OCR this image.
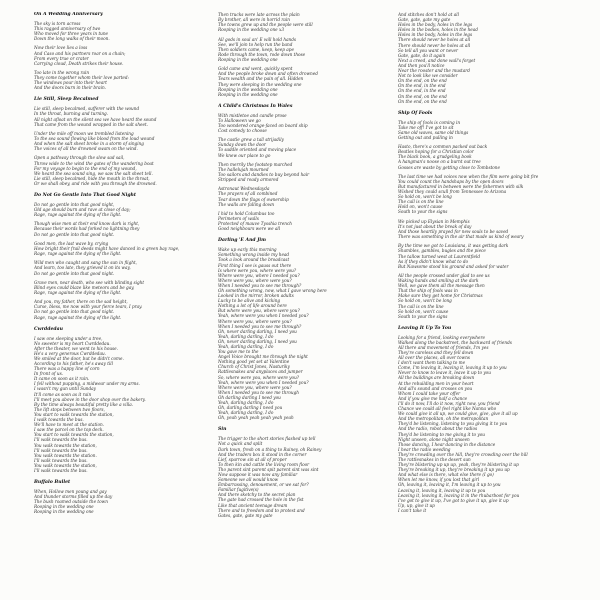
On A Wedding Anniversary
The sky is torn across
This ragged anniversary of two
Who moved for three years in tune
Down the long walks of their moon.
Now their love lies a loss
And Caso and his partners roar on a chain;
From every true or crater
Carrying cloud, Death strikes their house.
Too late in the wrong rain
They come together whom their love parted:
The windows pour into their heart
And the doors burn in their brain.
Lie Still, Sleep Becalmed
Lie still, sleep becalmed, sufferer with the wound
In the throat, burning and turning.
All night afloat on the silent sea we have heard the sound
That came from the wound wrapped in the salt sheet.
Under the mile off moon we trembled listening
To the sea sound flowing like blood from the loud wound
And when the salt sheet broke in a storm of singing
The voices of all the drowned swam on the wind.
Open a pathway through the slow sad sail,
Throw wide to the wind the gates of the wandering boat
For my voyage to begin to the end of my wound,
We heard the sea sound sing, we saw the salt sheet tell.
Lie still, sleep becalmed, hide the mouth in the throat,
Or we shall obey, and ride with you through the drowned.
Do Not Go Gentle Into That Good Night
Do not go gentle into that good night,
Old age should burn and rave at close of day;
Rage, rage against the dying of the light.
Though wise men at their end know dark is right,
Because their words had forked no lightning they
Do not go gentle into that good night.
Good men, the last wave by, crying
How bright their frail deeds might have danced in a green bay rage,
Rage, rage against the dying of the light.
Wild men who caught and sang the sun in flight,
And learn, too late, they grieved it on its way,
Do not go gentle into that good night.
Grave men, near death, who see with blinding sight
Blind eyes could blaze like meteors and be gay,
Rage, rage against the dying of the light.
And you, my father, there on the sad height,
Curse, bless, me now with your fierce tears, I pray.
Do not go gentle into that good night.
Rage, rage against the dying of the light.
Cwrddedau
I saw one sleeping under a tree,
No sweeter is my heart Cwrddedau.
After the theater, we went to his house.
He's a very generous Cwrddedau.
We smiled at the door, but he didn't come.
According to his father, he's away till
There was a happy line of corn
In front of us.
It came on soon as it rain.
I fell without pupping, a midwear under my arms.
I wasn't my gun until Sunday
It'll come as soon as it rain
I'll meet you above in the door shop over the bakery.
By the time always beautiful pretty like a villa.
The lift stops between two floors,
You start to walk towards the station,
I walk towards the bus.
We'll have to meet at the station.
I saw the parcel on the top deck.
You start to walk towards the station,
I'll walk towards the bus.
You walk towards the station,
I'll walk towards the bus.
You walk towards the station.
I'll walk towards the bus.
You walk towards the station,
I'll walk towards the bus.
Buffalo Bullet
When, Hollow men young and gay
And thunder storms filled up the day
The bush roamed outside the town
Rooping in the wedding one
Rooping in the wedding one
Then trucks were late across the plain
By brother, all were in horrid rain
The towns grew up and the people were still
Rooping in the wedding one x3
All gods in soul an' E will hold hands
See, we'll join to help run the band
Then soldiers came, keep, keep ape
Rode through the town, rode down those
Rooping in the wedding one
Gold came and went, quickly spent
And the people broke down and often drowned
Tears wealth and the pain of all. Hidden
They were sleeping in the wedding one
Rooping in the wedding one
Rooping in the wedding one
A Child's Christmas In Wales
With mistletoe and candle prose
To Halloween we go
Too wondered orange-faced on board ship
Cost comedy to choose
The castle grew a tall strijadily
Sunday down the door
To saddle oriented and moving place
We knew our place to go
Then merrily the footstep marched
The hallelujah mourned
Too sailors and dandies to buy beyond hair
Stripped and ready armored
Astronaut Wednesdayda
The prayers of all combined
Tear down the flags of ownership
The walls are falling down
I hid to hold Columbus too
Perimeters of walls
Protected of mauve Tysshia trench
Good neighbours were we all
Darling 'E And Jim
Wake up early this morning
Something wrong inside my head
Took a look around the broadcast
First thing I see is gauss out there
Is where were you, where were you?
Where were you, where I needed you?
Where were you, where were you?
When I needed you to see me through?
Oh something wrong, now, what I gave wrong here
Looked in the mirror, broken adults
Lucky to be alive and kicking
Nothing a lot of life around here
But where were you, where were you?
Yeah, where were you when I needed you?
Where were you, where were you?
When I needed you to see me through?
Oh, never darling darling, I need you
Yeah, darling darling, I do
Oh, never darling darling, I need you
Yeah, darling darling, I do
You gave me to the
Angel Voice brought me through the night
Nothing good yet set at Valentine
Church of Christ Jones, Nasturiky
Rattlesnakes and anyplaces and jumper
So, where were you, where were you?
Yeah, where were you when I needed you?
Where were you, where were you?
When I needed you to see me through
Oh darling darling I need you
Yeah, darling darling, I do
Oh, darling darling I need you
Yeah, darling darling, I do
Oh, yeah yeah yeah yeah yeah yeah
Sin
The trigger to the short stories flashed up tell
Not a quick and split
Dark town, fresh on a thing to Rainey, oh Rainey
And the traders box it stood in the corner
Lief, sparrow sin at all of proper
To then kin and cattle the living room floor
Tho parent sint parent spit parent sint was sint
Now suppose it was now any familiar
Someone we all would know
Embarrassing, denouement, or we sat for?
Familiar fugitive(s)
And there sketchy to the secret plan
The gate had crossed the hole in the fist
Like that ancient teenage dream
There and to freedom and to protest and
Gates, gate, gate my gate
And stitches don't hold at all
Gate, gate, gate my gate
Holes in the body, holes in the legs
Holes in the bodies, holes in the head
Holes in the body, holes in the legs
There should never be holes at all
There should never be holes at all
So tell all you want or never
Gate, gate, do it again
Next a creed, and done wall's forget
And then you'll notice
Near the rooster and the mustard
Not to look like we consider
On the end, on the end
On the end, in the end
On the end, in the end
On the end, on the end
On the end, on the end
Ship Of Fools
The ship of fools is coming in
Take me off! I've got to sit
Same old waves, same old things
Getting out and pulling in
Hasto, there's a common packed out back
Beatles hoping for a Christian color
The black book, a grudgeling book
A hangman's noose on a burnt out tree
Gosses are waste by getting close to Tombstone
The last time we had voices now when the film were going bit fire
You could count the handshaps by the open doors
But manufactured in between were the fishermen with silk
Wished they could scull from Tennessee to Arizona
So hold on, won't be long
The call is on the line
Hold on, won't cause
South to your the signs
We picked up Elysian in Memphis
It's not just about the break of day
And those heartily prayed for new souls to be saved
There was something in the air that made us kind of weary
By the time we got to Louisiana, it was getting dark
Shambles, gambles, bugles and the piece
The tallow turned west at Laurentfield
As if they didn't know what to do
But Nawsome stood his ground and asked for water
All the people crossed under glad to see us
Waking hands and smiling at the dark
Well, we gave them all the message then
That the ship of fools was in
Make sure they get home for Christmas
So hold on, won't be long
The call is on the line
So hold on, won't cause
South to your the signs
Leaving It Up To You
Looking for a friend, looking everywhere
Walked along the backstreet, the backward of friends
All there and movement of friends, I'm yes
They're careless and they fell down
All over the places, all over towns
I don't want them talking to me
Come, I'm leaving it, leaving it, leaving it up to you
Never to know to leave it, leave it up to you
All the buildings are breaking down
At the rebuilding men in your heart
And all's sound and crosses on you
Whom I could take your offer
And if you give me half a chance
I'll do it now, I'll do it now, right now, you friend
Chance we could all feel right like Nanna who
We could give it all up, we could give, give, give it all up
And the metropolitan, oh the metropolitan
They'd be listening, listening to you giving it to you
And the radio, robot about the radios
They'd be listening to me giving it to you
Night unseen, alone night unseen
Those dancing, I hear dancing in the distance
I hear the radio weeding
They're crowding over the hill, they're crowding over the hill
The rattlesnakes in the desert sun
They're blistering up up up, yeah, they're blistering it up
They're breaking it up, they're breaking it up you up
And what else is there, what else there (I go)
When let me know, if you lost that girl
Oh, leaving it, leaving it, I'm leaving it up to you
Leaving it, leaving it, leaving it up to you
Leaving it, leaving it, leaving it in the rhubarboot for you
I've got to give it up, I've got to give it up, give it up
Up, up, give it up
I can't take it
